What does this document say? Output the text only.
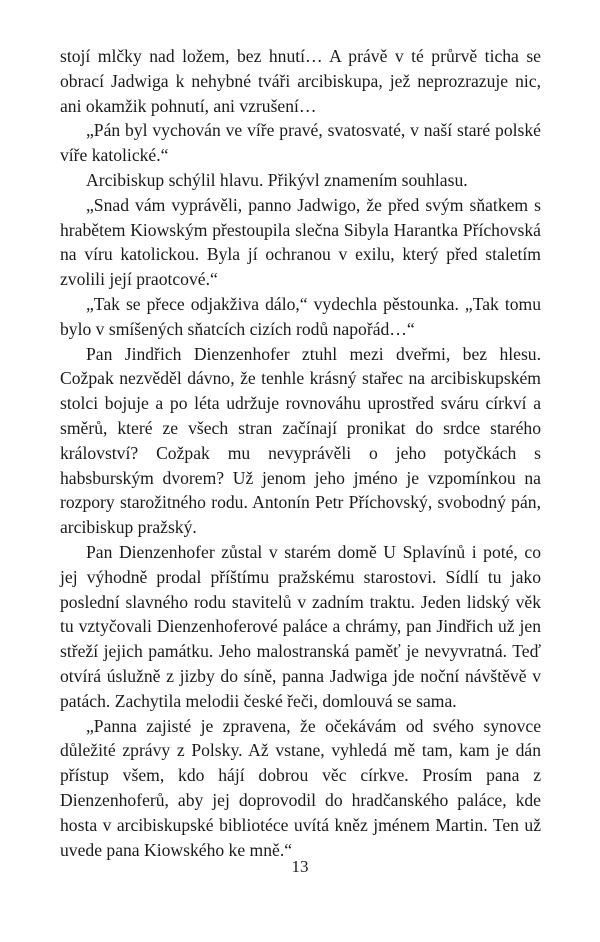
stojí mlčky nad ložem, bez hnutí… A právě v té průrvě ticha se obrací Jadwiga k nehybné tváři arcibiskupa, jež neprozrazuje nic, ani okamžik pohnutí, ani vzrušení…

„Pán byl vychován ve víře pravé, svatosvaté, v naší staré polské víře katolické.“

Arcibiskup schýlil hlavu. Přikývl znamením souhlasu.

„Snad vám vyprávěli, panno Jadwigo, že před svým sňatkem s hrabětem Kiowským přestoupila slečna Sibyla Harantka Příchovská na víru katolickou. Byla jí ochranou v exilu, který před staletím zvolili její praotcové.“

„Tak se přece odjakživa dálo,“ vydechla pěstounka. „Tak tomu bylo v smíšených sňatcích cizích rodů napořád…“

Pan Jindřich Dienzenhofer ztuhl mezi dveřmi, bez hlesu. Cožpak nezvěděl dávno, že tenhle krásný stařec na arcibiskupském stolci bojuje a po léta udržuje rovnováhu uprostřed sváru církví a směrů, které ze všech stran začínají pronikat do srdce starého království? Cožpak mu nevyprávěli o jeho potyčkách s habsburským dvorem? Už jenom jeho jméno je vzpomínkou na rozpory starožitného rodu. Antonín Petr Příchovský, svobodný pán, arcibiskup pražský.

Pan Dienzenhofer zůstal v starém domě U Splavínů i poté, co jej výhodně prodal příštímu pražskému starostovi. Sídlí tu jako poslední slavného rodu stavitelů v zadním traktu. Jeden lidský věk tu vztyčovali Dienzenhoferové paláce a chrámy, pan Jindřich už jen střeží jejich památku. Jeho malostranská paměť je nevyvratná. Teď otvírá úslužně z jizby do síně, panna Jadwiga jde noční návštěvě v patách. Zachytila melodii české řeči, domlouvá se sama.

„Panna zajisté je zpravena, že očekávám od svého synovce důležité zprávy z Polsky. Až vstane, vyhledá mě tam, kam je dán přístup všem, kdo hájí dobrou věc církve. Prosím pana z Dienzenhoferů, aby jej doprovodil do hradčanského paláce, kde hosta v arcibiskupské bibliotéce uvítá kněz jménem Martin. Ten už uvede pana Kiowského ke mně.“

13
